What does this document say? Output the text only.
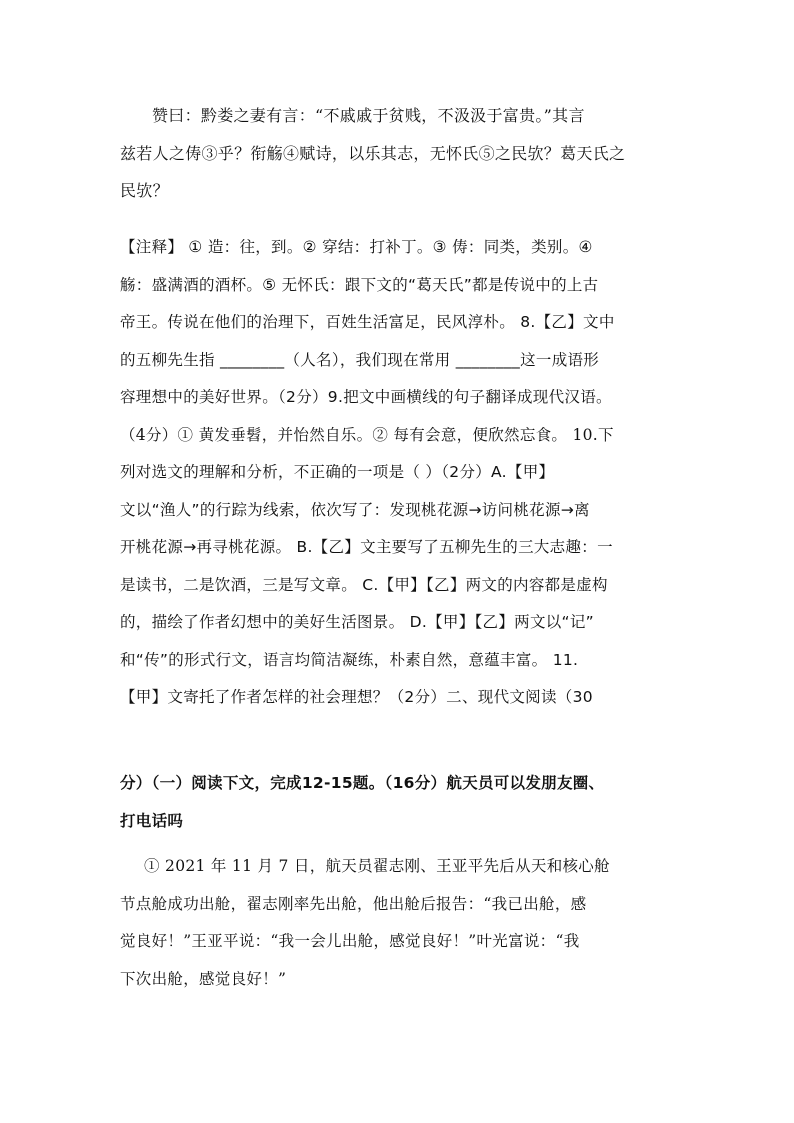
赞曰：黔娄之妻有言：“不戚戚于贫贱，不汲汲于富贵。”其言
兹若人之俦③乎？衔觞④赋诗，以乐其志，无怀氏⑤之民欤？葛天氏之
民欤？
【注释】 ① 造：往，到。② 穿结：打补丁。③ 俦：同类，类别。④
觞：盛满酒的酒杯。⑤ 无怀氏：跟下文的“葛天氏”都是传说中的上古
帝王。传说在他们的治理下，百姓生活富足，民风淳朴。 8.【乙】文中
的五柳先生指 ________（人名），我们现在常用 ________这一成语形
容理想中的美好世界。（2分）9.把文中画横线的句子翻译成现代汉语。
（4分）① 黄发垂髫，并怡然自乐。② 每有会意，便欣然忘食。 10.下
列对选文的理解和分析，不正确的一项是（ ）（2分）A.【甲】
文以“渔人”的行踪为线索，依次写了：发现桃花源→访问桃花源→离
开桃花源→再寻桃花源。 B.【乙】文主要写了五柳先生的三大志趣：一
是读书，二是饮酒，三是写文章。 C.【甲】【乙】两文的内容都是虚构
的，描绘了作者幻想中的美好生活图景。 D.【甲】【乙】两文以“记”
和“传”的形式行文，语言均简洁凝练，朴素自然，意蕴丰富。 11.
【甲】文寄托了作者怎样的社会理想？（2分）二、现代文阅读（30
分）（一）阅读下文，完成12-15题。（16分）航天员可以发朋友圈、
打电话吗
① 2021 年 11 月 7 日，航天员翟志刚、王亚平先后从天和核心舱
节点舱成功出舱，翟志刚率先出舱，他出舱后报告：“我已出舱，感
觉良好！”王亚平说：“我一会儿出舱，感觉良好！”叶光富说：“我
下次出舱，感觉良好！”
